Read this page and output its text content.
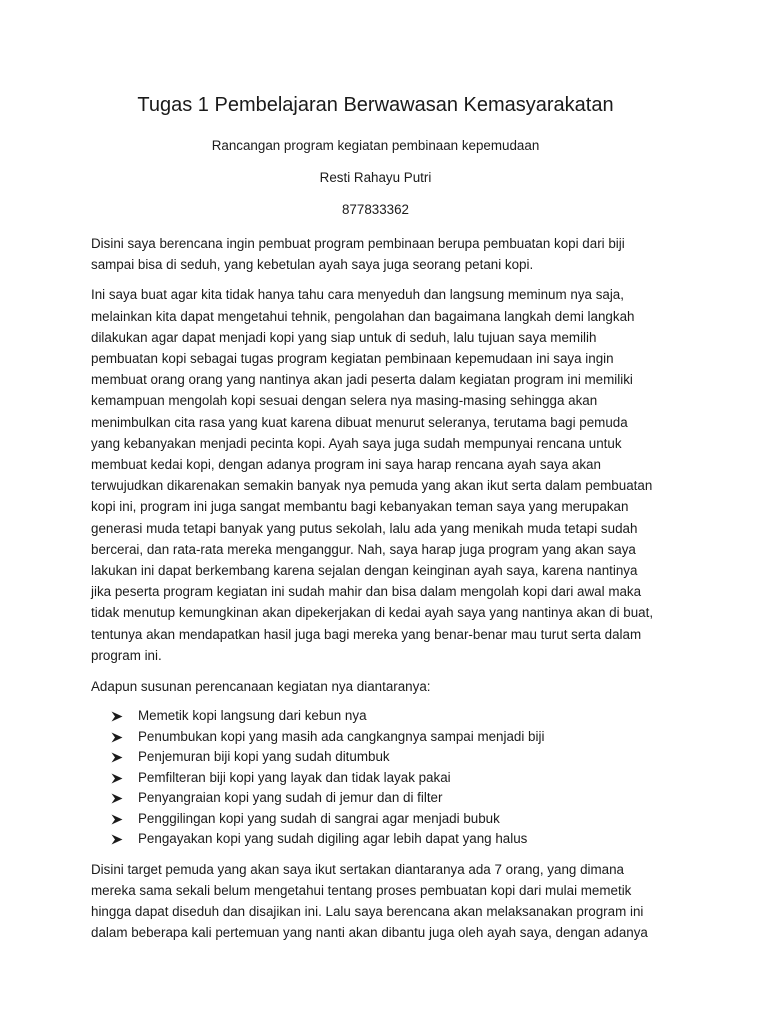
Tugas 1 Pembelajaran Berwawasan Kemasyarakatan

Rancangan program kegiatan pembinaan kepemudaan

Resti Rahayu Putri

877833362

Disini saya berencana ingin pembuat program pembinaan berupa pembuatan kopi dari biji sampai bisa di seduh, yang kebetulan ayah saya juga seorang petani kopi.

Ini saya buat agar kita tidak hanya tahu cara menyeduh dan langsung meminum nya saja, melainkan kita dapat mengetahui tehnik, pengolahan dan bagaimana langkah demi langkah dilakukan agar dapat menjadi kopi yang siap untuk di seduh, lalu tujuan saya memilih pembuatan kopi sebagai tugas program kegiatan pembinaan kepemudaan ini saya ingin membuat orang orang yang nantinya akan jadi peserta dalam kegiatan program ini memiliki kemampuan mengolah kopi sesuai dengan selera nya masing-masing sehingga akan menimbulkan cita rasa yang kuat karena dibuat menurut seleranya, terutama bagi pemuda yang kebanyakan menjadi pecinta kopi. Ayah saya juga sudah mempunyai rencana untuk membuat kedai kopi, dengan adanya program ini saya harap rencana ayah saya akan terwujudkan dikarenakan semakin banyak nya pemuda yang akan ikut serta dalam pembuatan kopi ini, program ini juga sangat membantu bagi kebanyakan teman saya yang merupakan generasi muda tetapi banyak yang putus sekolah, lalu ada yang menikah muda tetapi sudah bercerai, dan rata-rata mereka menganggur. Nah, saya harap juga program yang akan saya lakukan ini dapat berkembang karena sejalan dengan keinginan ayah saya, karena nantinya jika peserta program kegiatan ini sudah mahir dan bisa dalam mengolah kopi dari awal maka tidak menutup kemungkinan akan dipekerjakan di kedai ayah saya yang nantinya akan di buat, tentunya akan mendapatkan hasil juga bagi mereka yang benar-benar mau turut serta dalam program ini.

Adapun susunan perencanaan kegiatan nya diantaranya:

Memetik kopi langsung dari kebun nya
Penumbukan kopi yang masih ada cangkangnya sampai menjadi biji
Penjemuran biji kopi yang sudah ditumbuk
Pemfilteran biji kopi yang layak dan tidak layak pakai
Penyangraian kopi yang sudah di jemur dan di filter
Penggilingan kopi yang sudah di sangrai agar menjadi bubuk
Pengayakan kopi yang sudah digiling agar lebih dapat yang halus

Disini target pemuda yang akan saya ikut sertakan diantaranya ada 7 orang, yang dimana mereka sama sekali belum mengetahui tentang proses pembuatan kopi dari mulai memetik hingga dapat diseduh dan disajikan ini. Lalu saya berencana akan melaksanakan program ini dalam beberapa kali pertemuan yang nanti akan dibantu juga oleh ayah saya, dengan adanya
